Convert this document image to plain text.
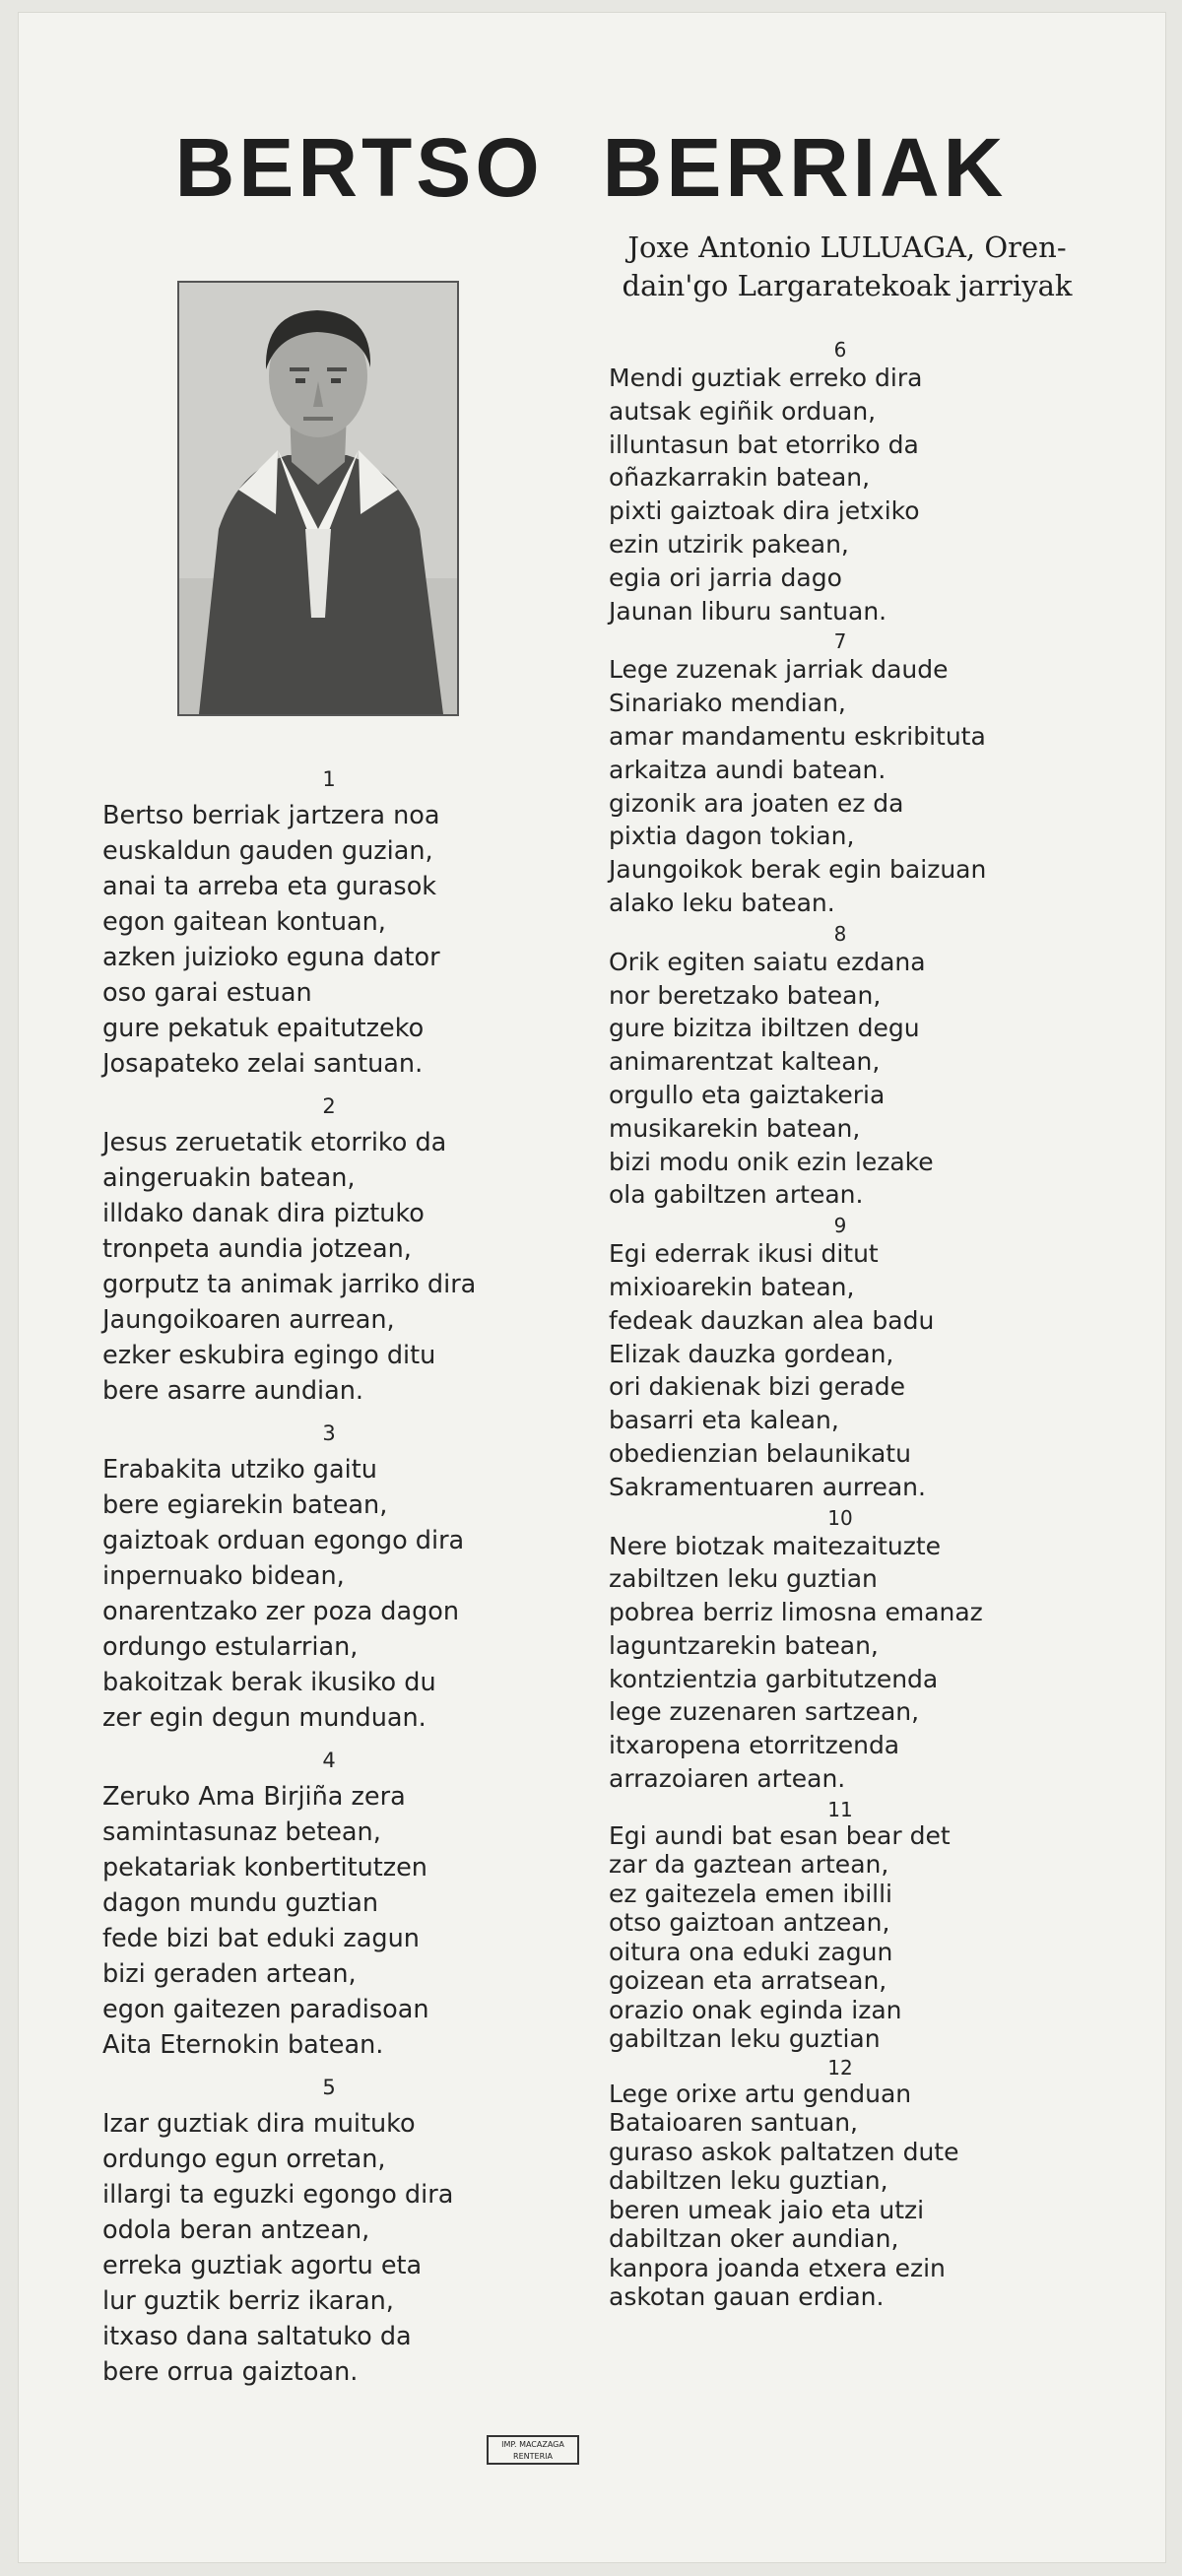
BERTSO BERRIAK
Joxe Antonio LULUAGA, Oren-
dain'go Largaratekoak jarriyak
1
Bertso berriak jartzera noa
euskaldun gauden guzian,
anai ta arreba eta gurasok
egon gaitean kontuan,
azken juizioko eguna dator
oso garai estuan
gure pekatuk epaitutzeko
Josapateko zelai santuan.
2
Jesus zeruetatik etorriko da
aingeruakin batean,
illdako danak dira piztuko
tronpeta aundia jotzean,
gorputz ta animak jarriko dira
Jaungoikoaren aurrean,
ezker eskubira egingo ditu
bere asarre aundian.
3
Erabakita utziko gaitu
bere egiarekin batean,
gaiztoak orduan egongo dira
inpernuako bidean,
onarentzako zer poza dagon
ordungo estularrian,
bakoitzak berak ikusiko du
zer egin degun munduan.
4
Zeruko Ama Birjiña zera
samintasunaz betean,
pekatariak konbertitutzen
dagon mundu guztian
fede bizi bat eduki zagun
bizi geraden artean,
egon gaitezen paradisoan
Aita Eternokin batean.
5
Izar guztiak dira muituko
ordungo egun orretan,
illargi ta eguzki egongo dira
odola beran antzean,
erreka guztiak agortu eta
lur guztik berriz ikaran,
itxaso dana saltatuko da
bere orrua gaiztoan.
6
Mendi guztiak erreko dira
autsak egiñik orduan,
illuntasun bat etorriko da
oñazkarrakin batean,
pixti gaiztoak dira jetxiko
ezin utzirik pakean,
egia ori jarria dago
Jaunan liburu santuan.
7
Lege zuzenak jarriak daude
Sinariako mendian,
amar mandamentu eskribituta
arkaitza aundi batean.
gizonik ara joaten ez da
pixtia dagon tokian,
Jaungoikok berak egin baizuan
alako leku batean.
8
Orik egiten saiatu ezdana
nor beretzako batean,
gure bizitza ibiltzen degu
animarentzat kaltean,
orgullo eta gaiztakeria
musikarekin batean,
bizi modu onik ezin lezake
ola gabiltzen artean.
9
Egi ederrak ikusi ditut
mixioarekin batean,
fedeak dauzkan alea badu
Elizak dauzka gordean,
ori dakienak bizi gerade
basarri eta kalean,
obedienzian belaunikatu
Sakramentuaren aurrean.
10
Nere biotzak maitezaituzte
zabiltzen leku guztian
pobrea berriz limosna emanaz
laguntzarekin batean,
kontzientzia garbitutzenda
lege zuzenaren sartzean,
itxaropena etorritzenda
arrazoiaren artean.
11
Egi aundi bat esan bear det
zar da gaztean artean,
ez gaitezela emen ibilli
otso gaiztoan antzean,
oitura ona eduki zagun
goizean eta arratsean,
orazio onak eginda izan
gabiltzan leku guztian
12
Lege orixe artu genduan
Bataioaren santuan,
guraso askok paltatzen dute
dabiltzen leku guztian,
beren umeak jaio eta utzi
dabiltzan oker aundian,
kanpora joanda etxera ezin
askotan gauan erdian.
IMP. MACAZAGA
RENTERIA
